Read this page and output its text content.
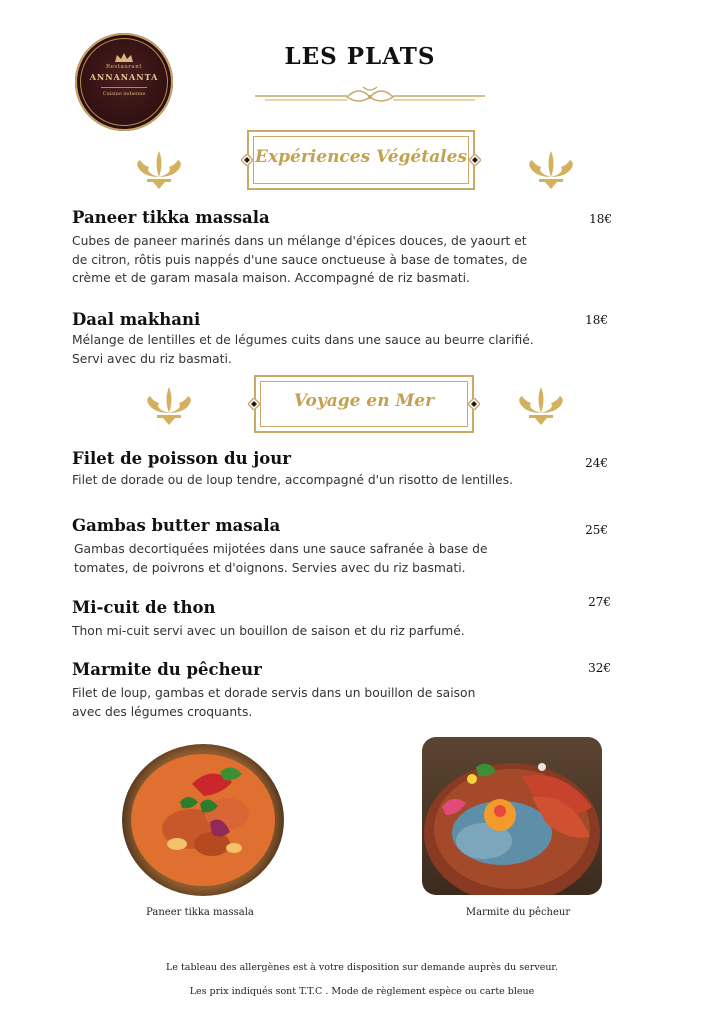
Restaurant
ANNANANTA
Cuisine indienne
LES PLATS
Expériences Végétales
Paneer tikka massala	18€
Cubes de paneer marinés dans un mélange d'épices douces, de yaourt et
de citron, rôtis puis nappés d'une sauce onctueuse à base de tomates, de
crème et de garam masala maison. Accompagné de riz basmati.
Daal makhani	18€
Mélange de lentilles et de légumes cuits dans une sauce au beurre clarifié.
Servi avec du riz basmati.
Voyage en Mer
Filet de poisson du jour	24€
Filet de dorade ou de loup tendre, accompagné d'un risotto de lentilles.
Gambas butter masala	25€
Gambas decortiquées mijotées dans une sauce safranée à base de
tomates, de poivrons et d'oignons. Servies avec du riz basmati.
Mi-cuit de thon	27€
Thon mi-cuit servi avec un bouillon de saison et du riz parfumé.
Marmite du pêcheur	32€
Filet de loup, gambas et dorade servis dans un bouillon de saison
avec des légumes croquants.
Paneer tikka massala	Marmite du pêcheur
Le tableau des allergènes est à votre disposition sur demande auprès du serveur.
Les prix indiqués sont T.T.C . Mode de règlement espèce ou carte bleue
